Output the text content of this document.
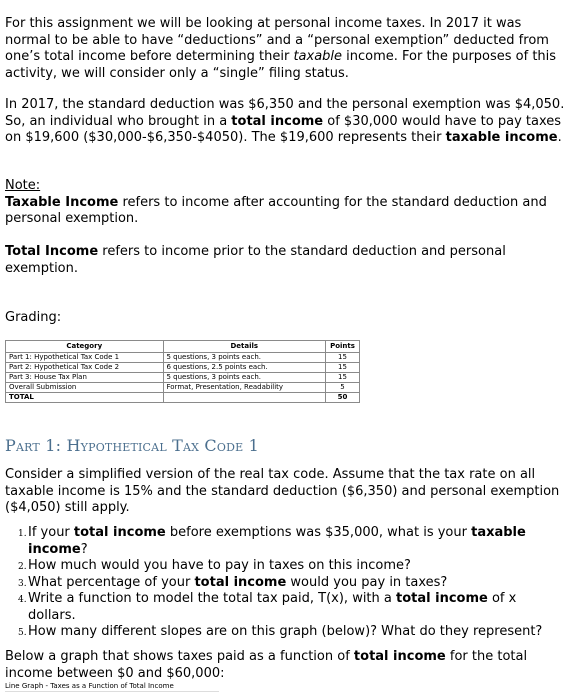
For this assignment we will be looking at personal income taxes. In 2017 it was normal to be able to have “deductions” and a “personal exemption” deducted from one’s total income before determining their taxable income. For the purposes of this activity, we will consider only a “single” filing status.

In 2017, the standard deduction was $6,350 and the personal exemption was $4,050. So, an individual who brought in a total income of $30,000 would have to pay taxes on $19,600 ($30,000-$6,350-$4050). The $19,600 represents their taxable income.

Note:
Taxable Income refers to income after accounting for the standard deduction and personal exemption.

Total Income refers to income prior to the standard deduction and personal exemption.

Grading:

Category	Details	Points
Part 1: Hypothetical Tax Code 1	5 questions, 3 points each.	15
Part 2: Hypothetical Tax Code 2	6 questions, 2.5 points each.	15
Part 3: House Tax Plan	5 questions, 3 points each.	15
Overall Submission	Format, Presentation, Readability	5
TOTAL		50
Part 1: Hypothetical Tax Code 1

Consider a simplified version of the real tax code. Assume that the tax rate on all taxable income is 15% and the standard deduction ($6,350) and personal exemption ($4,050) still apply.

1. If your total income before exemptions was $35,000, what is your taxable income?
2. How much would you have to pay in taxes on this income?
3. What percentage of your total income would you pay in taxes?
4. Write a function to model the total tax paid, T(x), with a total income of x dollars.
5. How many different slopes are on this graph (below)? What do they represent?

Below a graph that shows taxes paid as a function of total income for the total income between $0 and $60,000:

Line Graph - Taxes as a Function of Total Income
